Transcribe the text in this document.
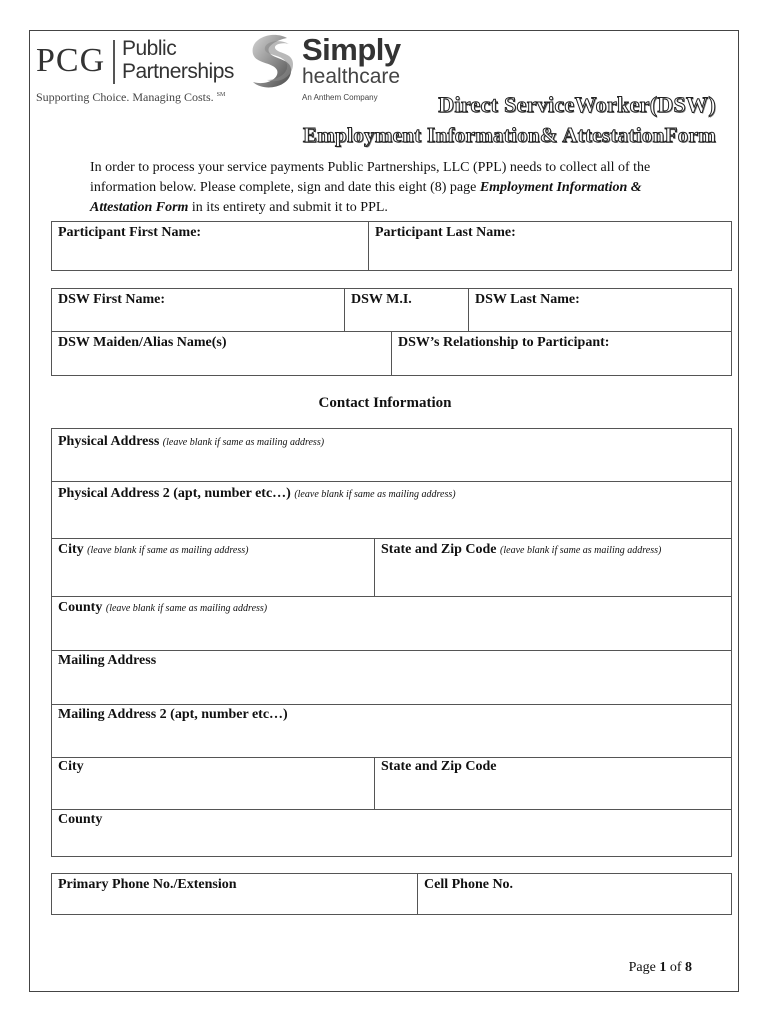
PCG Public
Partnerships
Supporting Choice. Managing Costs. ℠
Simply
healthcare
An Anthem Company	Direct ServiceWorker(DSW)
Employment Information& AttestationForm
In order to process your service payments Public Partnerships, LLC (PPL) needs to collect all of the information below. Please complete, sign and date this eight (8) page Employment Information & Attestation Form in its entirety and submit it to PPL.
Participant First Name:	Participant Last Name:
DSW First Name:	DSW M.I.	DSW Last Name:
DSW Maiden/Alias Name(s)	DSW’s Relationship to Participant:
Contact Information
Physical Address (leave blank if same as mailing address)
Physical Address 2 (apt, number etc…) (leave blank if same as mailing address)
City (leave blank if same as mailing address)	State and Zip Code (leave blank if same as mailing address)
County (leave blank if same as mailing address)
Mailing Address
Mailing Address 2 (apt, number etc…)
City	State and Zip Code
County
Primary Phone No./Extension	Cell Phone No.
Page 1 of 8
